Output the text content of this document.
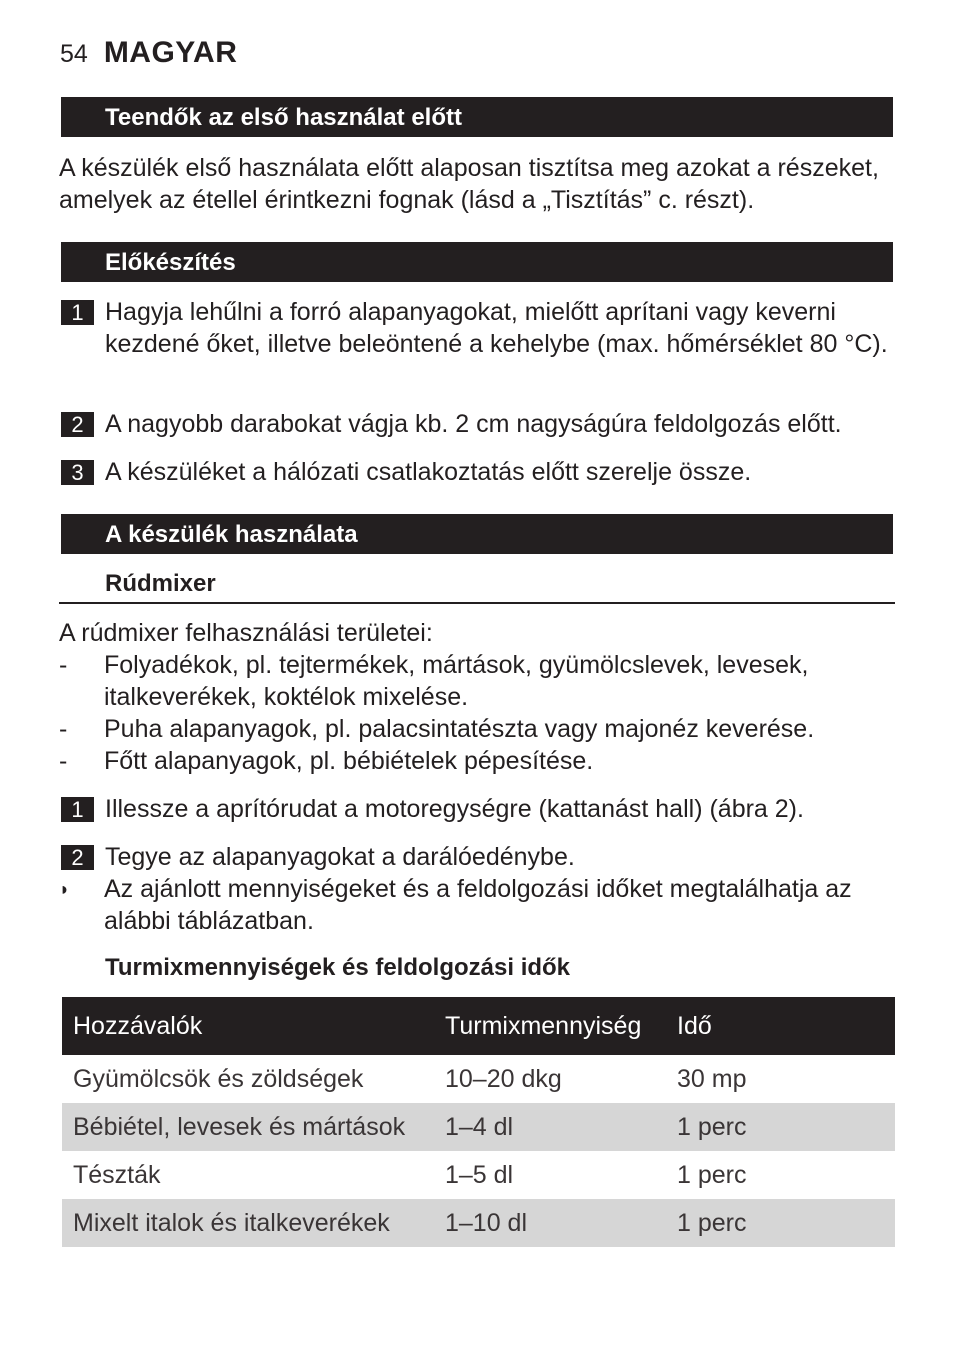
54 MAGYAR
Teendők az első használat előtt

A készülék első használata előtt alaposan tisztítsa meg azokat a részeket, amelyek az étellel érintkezni fognak (lásd a „Tisztítás” c. részt).

Előkészítés
1 Hagyja lehűlni a forró alapanyagokat, mielőtt aprítani vagy keverni kezdené őket, illetve beleöntené a kehelybe (max. hőmérséklet 80 °C).
2 A nagyobb darabokat vágja kb. 2 cm nagyságúra feldolgozás előtt.
3 A készüléket a hálózati csatlakoztatás előtt szerelje össze.
A készülék használata
Rúdmixer

A rúdmixer felhasználási területei:

-	Folyadékok, pl. tejtermékek, mártások, gyümölcslevek, levesek, italkeverékek, koktélok mixelése.
-	Puha alapanyagok, pl. palacsintatészta vagy majonéz keverése.
-	Főtt alapanyagok, pl. bébiételek pépesítése.
1 Illessze a aprítórudat a motoregységre (kattanást hall) (ábra 2).
2 Tegye az alapanyagokat a darálóedénybe.
◗	Az ajánlott mennyiségeket és a feldolgozási időket megtalálhatja az alábbi táblázatban.
Turmixmennyiségek és feldolgozási idők
Hozzávalók	Turmixmennyiség	Idő
Gyümölcsök és zöldségek	10–20 dkg	30 mp
Bébiétel, levesek és mártások	1–4 dl	1 perc
Tészták	1–5 dl	1 perc
Mixelt italok és italkeverékek	1–10 dl	1 perc
